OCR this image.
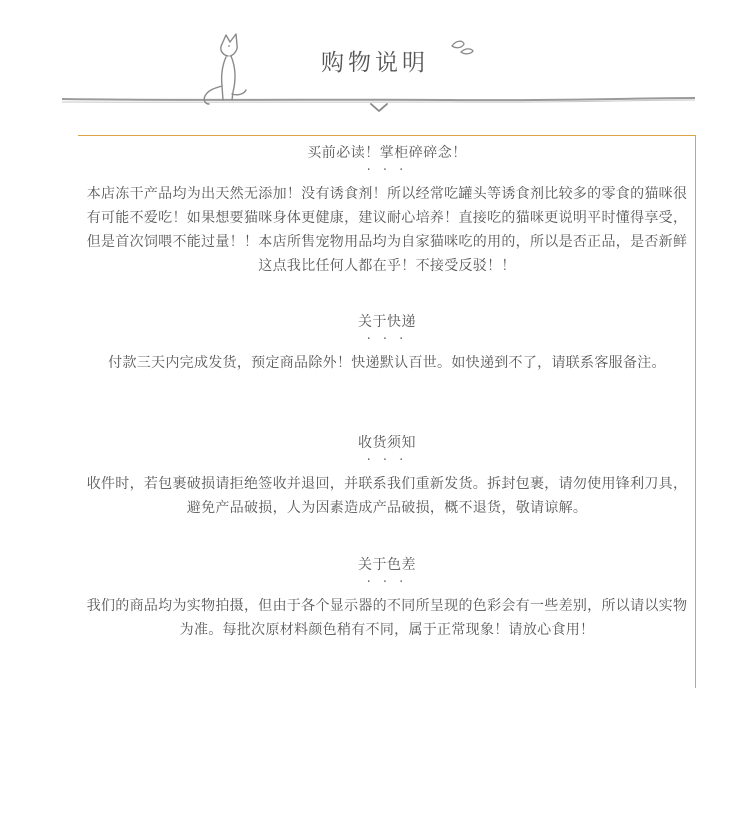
购物说明
买前必读！掌柜碎碎念！
· · ·
本店冻干产品均为出天然无添加！没有诱食剂！所以经常吃罐头等诱食剂比较多的零食的猫咪很有可能不爱吃！如果想要猫咪身体更健康，建议耐心培养！直接吃的猫咪更说明平时懂得享受，但是首次饲喂不能过量！！本店所售宠物用品均为自家猫咪吃的用的，所以是否正品，是否新鲜这点我比任何人都在乎！不接受反驳！！
关于快递
· · ·
付款三天内完成发货，预定商品除外！快递默认百世。如快递到不了，请联系客服备注。
收货须知
· · ·
收件时，若包裹破损请拒绝签收并退回，并联系我们重新发货。拆封包裹，请勿使用锋利刀具，避免产品破损，人为因素造成产品破损，概不退货，敬请谅解。
关于色差
· · ·
我们的商品均为实物拍摄，但由于各个显示器的不同所呈现的色彩会有一些差别，所以请以实物为准。每批次原材料颜色稍有不同，属于正常现象！请放心食用！
